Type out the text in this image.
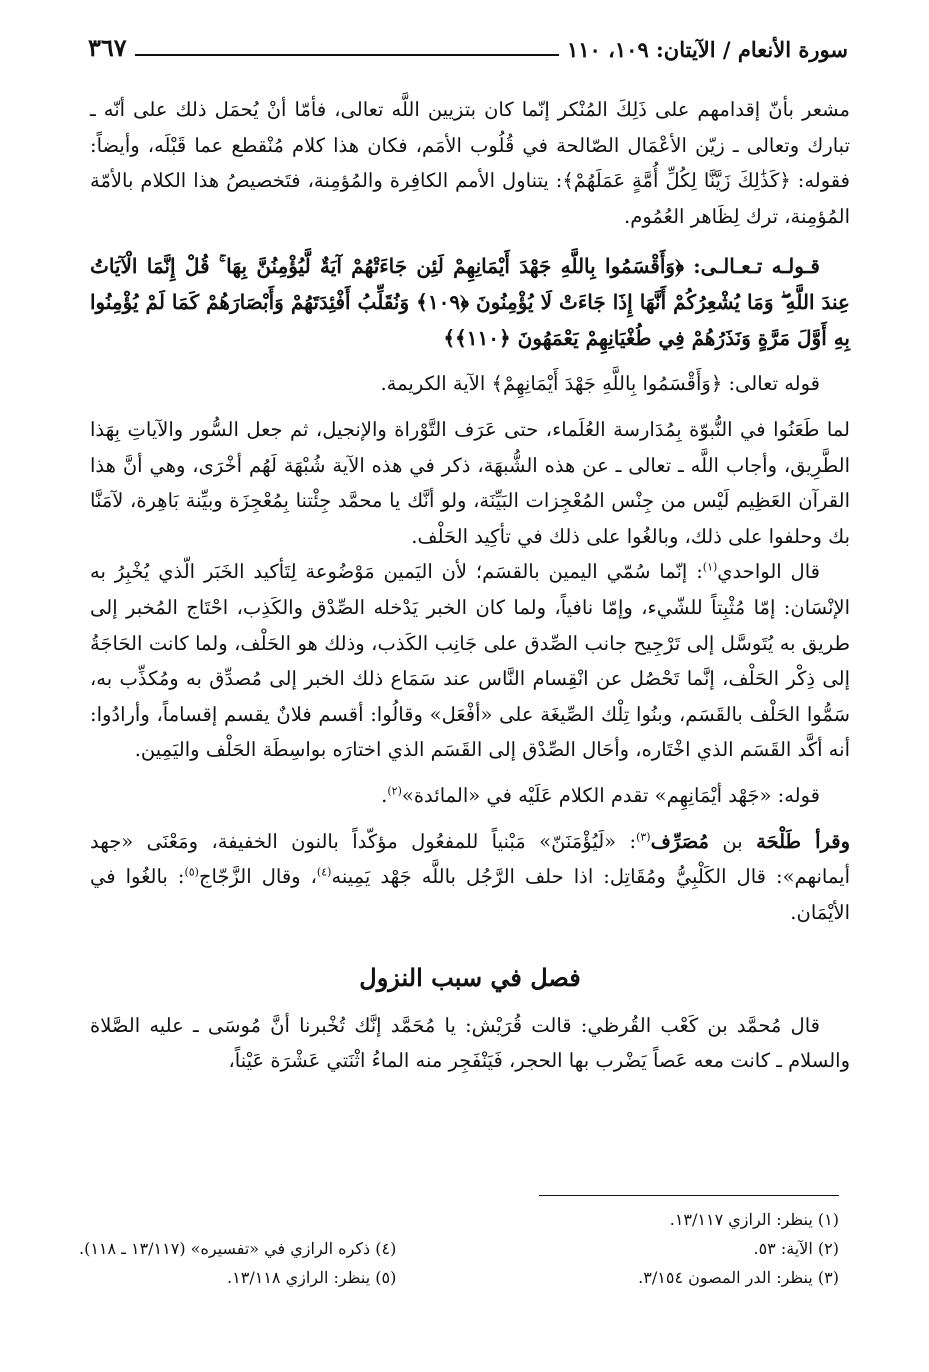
سورة الأنعام / الآيتان: ١٠٩، ١١٠
٣٦٧

مشعر بأنّ إقدامهم على ذَلِكَ المُنْكر إنّما كان بتزيين اللَّه تعالى، فأمّا أنْ يُحمَل ذلك على أنّه ـ تبارك وتعالى ـ زيّن الأعْمَال الصّالحة في قُلُوب الأمَم، فكان هذا كلام مُنْقطع عما قَبْلَه، وأيضاً: فقوله: ﴿كَذَٰلِكَ زَيَّنَّا لِكُلِّ أُمَّةٍ عَمَلَهُمْ﴾: يتناول الأمم الكافِرة والمُؤمِنة، فتَخصيصُ هذا الكلام بالأمّة المُؤمِنة، ترك لِظَاهر العُمُوم.

قـولـه تـعـالـى: ﴿وَأَقْسَمُوا بِاللَّهِ جَهْدَ أَيْمَانِهِمْ لَئِن جَاءَتْهُمْ آيَةٌ لَّيُؤْمِنُنَّ بِهَا ۚ قُلْ إِنَّمَا الْآيَاتُ عِندَ اللَّهِ ۖ وَمَا يُشْعِرُكُمْ أَنَّهَا إِذَا جَاءَتْ لَا يُؤْمِنُونَ ﴿١٠٩﴾ وَنُقَلِّبُ أَفْئِدَتَهُمْ وَأَبْصَارَهُمْ كَمَا لَمْ يُؤْمِنُوا بِهِ أَوَّلَ مَرَّةٍ وَنَذَرُهُمْ فِي طُغْيَانِهِمْ يَعْمَهُونَ ﴿١١٠﴾﴾

قوله تعالى: ﴿وَأَقْسَمُوا بِاللَّهِ جَهْدَ أَيْمَانِهِمْ﴾ الآية الكريمة.

لما طَعَنُوا في النُّبوّة بِمُدَارسة العُلَماء، حتى عَرَف التَّوْراة والإنجيل، ثم جعل السُّور والآياتِ بِهَذا الطَّرِيق، وأجاب اللَّه ـ تعالى ـ عن هذه الشُّبهَة، ذكر في هذه الآية شُبْهَة لَهُم أخْرَى، وهي أنَّ هذا القرآن العَظِيم لَيْس من جِنْس المُعْجِزات البَيِّنَة، ولو أنَّك يا محمَّد جِئْتنا بِمُعْجِزَة وبيِّنة بَاهِرة، لآمَنَّا بك وحلفوا على ذلك، وبالغُوا على ذلك في تأكِيد الحَلْف.

قال الواحدي$^{(١)}$: إنّما سُمّي اليمين بالقسَم؛ لأن اليَمين مَوْضُوعة لِتَأكيد الخَبَر الّذي يُخْبِرُ به الإنْسَان: إمّا مُثْبِتاً للشّيء، وإمّا نافياً، ولما كان الخبر يَدْخله الصِّدْق والكَذِب، احْتَاج المُخبر إلى طريق به يُتَوسَّل إلى تَرْجِيح جانب الصِّدق على جَانِب الكَذب، وذلك هو الحَلْف، ولما كانت الحَاجَةُ إلى ذِكْر الحَلْف، إنَّما تَحْصُل عن انْقِسام النَّاس عند سَمَاع ذلك الخبر إلى مُصدِّق به ومُكذِّب به، سَمُّوا الحَلْف بالقَسَم، وبنُوا تِلْك الصِّيغَة على «أفْعَل» وقالُوا: أقسم فلانٌ يقسم إقساماً، وأرادُوا: أنه أكَّد القَسَم الذي اخْتَاره، وأحَال الصِّدْق إلى القَسَم الذي اختارَه بواسِطَة الحَلْف واليَمِين.

قوله: «جَهْد أيْمَانِهِم» تقدم الكلام عَلَيْه في «المائدة»$^{(٢)}$.

وقرأ طَلْحَة بن مُصَرِّف$^{(٣)}$: «لَيُؤْمَنَنّ» مَبْنياً للمفعُول مؤكّداً بالنون الخفيفة، ومَعْنَى «جهد أيمانهم»: قال الكَلْبِيُّ ومُقَاتِل: اذا حلف الرَّجُل باللَّه جَهْد يَمِينه$^{(٤)}$، وقال الزَّجّاج$^{(٥)}$: بالغُوا في الأيْمَان.

فصل في سبب النزول

قال مُحمَّد بن كَعْب القُرظي: قالت قُرَيْش: يا مُحَمَّد إنَّك تُخْبرنا أنَّ مُوسَى ـ عليه الصَّلاة والسلام ـ كانت معه عَصاً يَضْرب بها الحجر، فَيَنْفَجِر منه الماءُ اثْنَتي عَشْرَة عَيْناً،

(١) ينظر: الرازي ١٣/١١٧.
(٢) الآية: ٥٣.
(٣) ينظر: الدر المصون ٣/١٥٤.

(٤) ذكره الرازي في «تفسيره» (١٣/١١٧ ـ ١١٨).
(٥) ينظر: الرازي ١٣/١١٨.
